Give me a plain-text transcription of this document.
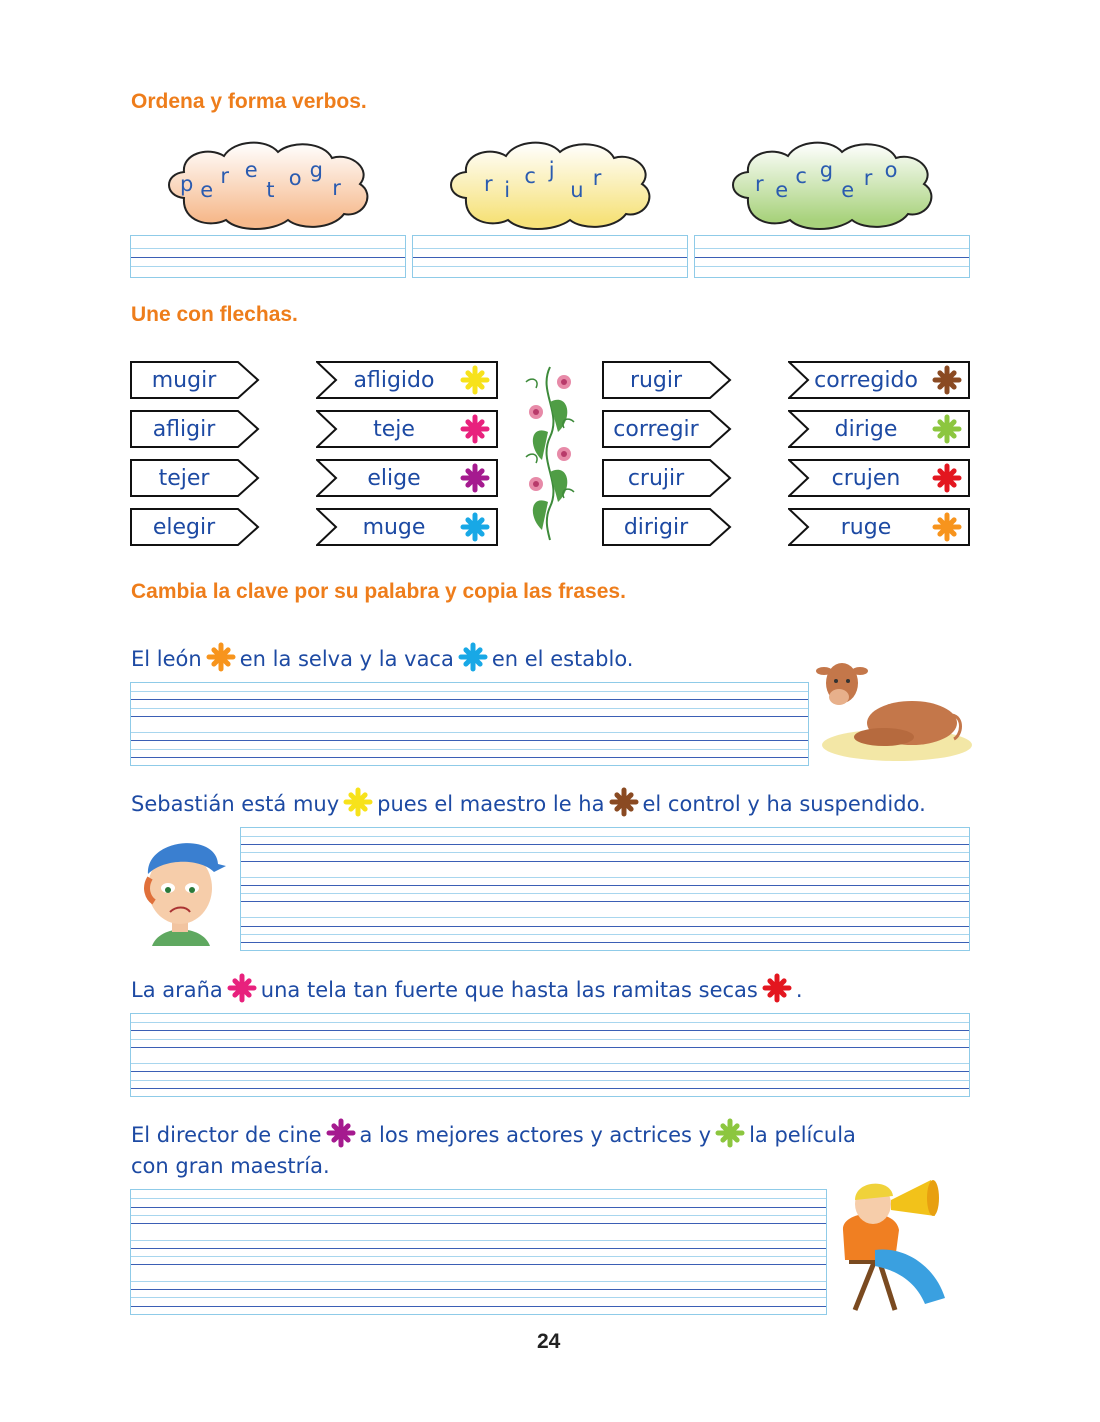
Ordena y forma verbos.
p e
r e
t o g
r	r i
c j
u r	r e
c g
e r o
Une con flechas.
mugir
afligir
tejer
elegir
afligido
teje
elige
muge
rugir
corregir
crujir
dirigir
corregido
dirige
crujen
ruge
Cambia la clave por su palabra y copia las frases.
El león en la selva y la vaca en el establo.
Sebastián está muy pues el maestro le ha el control y ha suspendido.
La araña una tela tan fuerte que hasta las ramitas secas .
El director de cine a los mejores actores y actrices y la película
con gran maestría.
24
